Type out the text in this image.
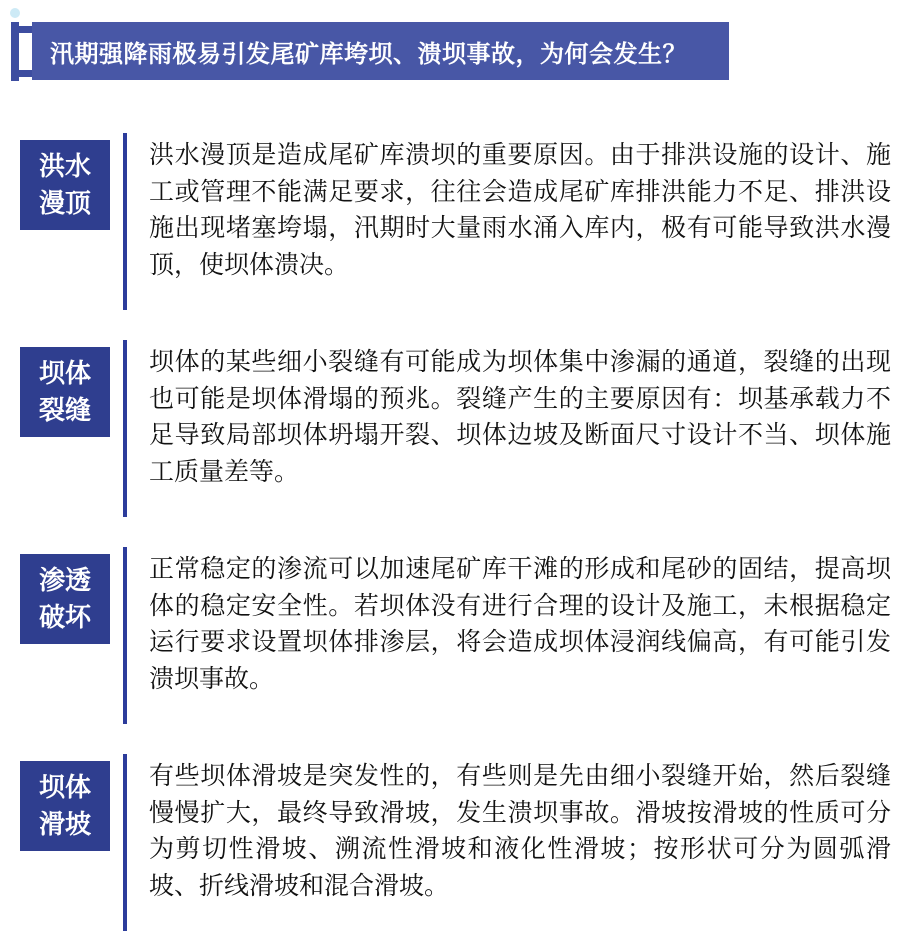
汛期强降雨极易引发尾矿库垮坝、溃坝事故，为何会发生？
洪水
漫顶
洪水漫顶是造成尾矿库溃坝的重要原因。由于排洪设施的设计、施工或管理不能满足要求，往往会造成尾矿库排洪能力不足、排洪设施出现堵塞垮塌，汛期时大量雨水涌入库内，极有可能导致洪水漫顶，使坝体溃决。
坝体
裂缝
坝体的某些细小裂缝有可能成为坝体集中渗漏的通道，裂缝的出现也可能是坝体滑塌的预兆。裂缝产生的主要原因有：坝基承载力不足导致局部坝体坍塌开裂、坝体边坡及断面尺寸设计不当、坝体施工质量差等。
渗透
破坏
正常稳定的渗流可以加速尾矿库干滩的形成和尾砂的固结，提高坝体的稳定安全性。若坝体没有进行合理的设计及施工，未根据稳定运行要求设置坝体排渗层，将会造成坝体浸润线偏高，有可能引发溃坝事故。
坝体
滑坡
有些坝体滑坡是突发性的，有些则是先由细小裂缝开始，然后裂缝慢慢扩大，最终导致滑坡，发生溃坝事故。滑坡按滑坡的性质可分为剪切性滑坡、溯流性滑坡和液化性滑坡；按形状可分为圆弧滑坡、折线滑坡和混合滑坡。
